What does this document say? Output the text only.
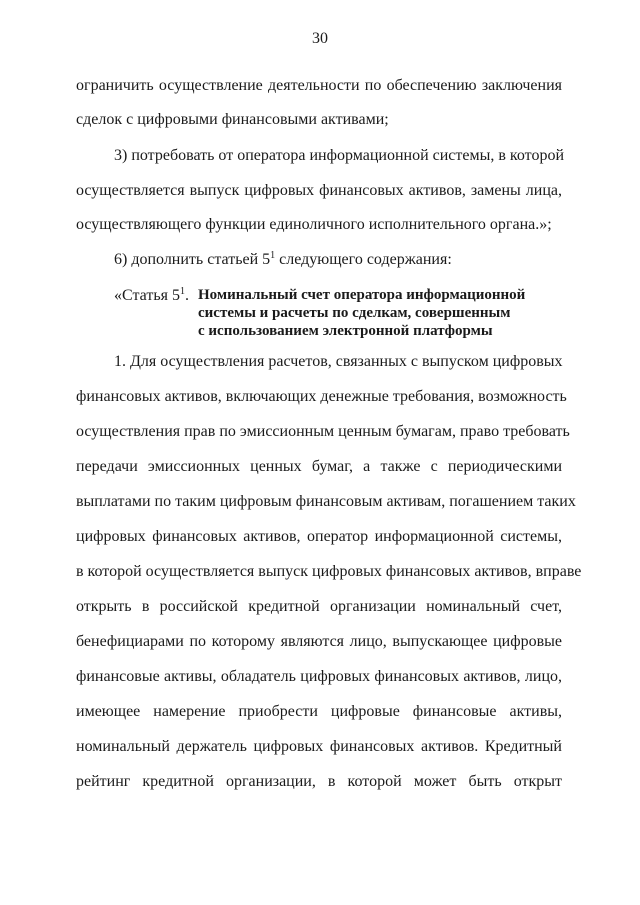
30
ограничить осуществление деятельности по обеспечению заключения
сделок с цифровыми финансовыми активами;
3) потребовать от оператора информационной системы, в которой
осуществляется выпуск цифровых финансовых активов, замены лица,
осуществляющего функции единоличного исполнительного органа.»;
6) дополнить статьей $5^1$ следующего содержания:
«Статья $5^1$. Номинальный счет оператора информационной
системы и расчеты по сделкам, совершенным
с использованием электронной платформы
1. Для осуществления расчетов, связанных с выпуском цифровых
финансовых активов, включающих денежные требования, возможность
осуществления прав по эмиссионным ценным бумагам, право требовать
передачи эмиссионных ценных бумаг, а также с периодическими
выплатами по таким цифровым финансовым активам, погашением таких
цифровых финансовых активов, оператор информационной системы,
в которой осуществляется выпуск цифровых финансовых активов, вправе
открыть в российской кредитной организации номинальный счет,
бенефициарами по которому являются лицо, выпускающее цифровые
финансовые активы, обладатель цифровых финансовых активов, лицо,
имеющее намерение приобрести цифровые финансовые активы,
номинальный держатель цифровых финансовых активов. Кредитный
рейтинг кредитной организации, в которой может быть открыт
